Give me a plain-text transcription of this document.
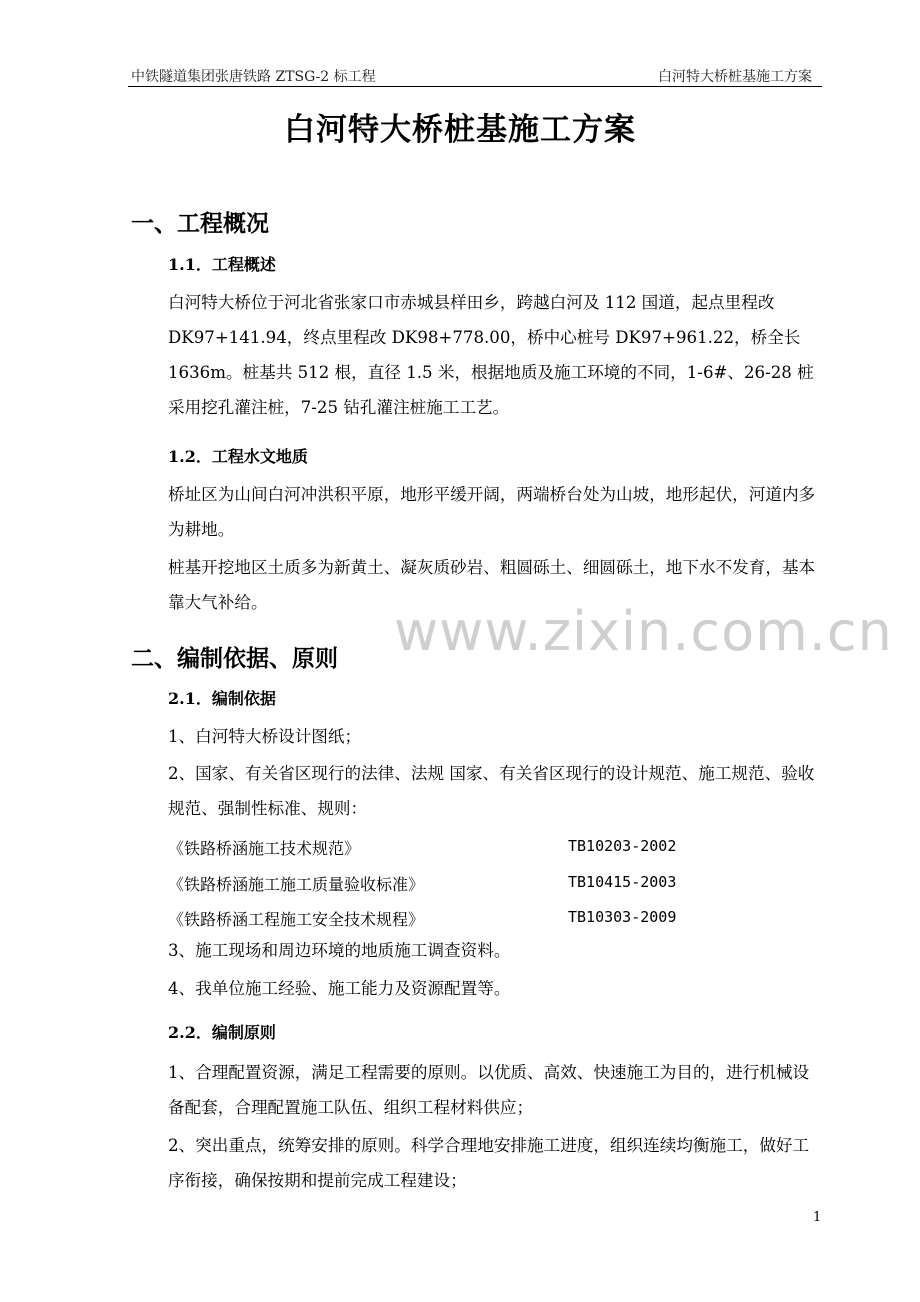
中铁隧道集团张唐铁路 ZTSG-2 标工程	白河特大桥桩基施工方案
白河特大桥桩基施工方案
一、工程概况
1.1．工程概述
白河特大桥位于河北省张家口市赤城县样田乡，跨越白河及 112 国道，起点里程改 DK97+141.94，终点里程改 DK98+778.00，桥中心桩号 DK97+961.22，桥全长 1636m。桩基共 512 根，直径 1.5 米，根据地质及施工环境的不同，1-6#、26-28 桩采用挖孔灌注桩，7-25 钻孔灌注桩施工工艺。
1.2．工程水文地质
桥址区为山间白河冲洪积平原，地形平缓开阔，两端桥台处为山坡，地形起伏，河道内多为耕地。
桩基开挖地区土质多为新黄土、凝灰质砂岩、粗圆砾土、细圆砾土，地下水不发育，基本靠大气补给。	www.zixin.com.cn
二、编制依据、原则
2.1．编制依据
1、白河特大桥设计图纸；
2、国家、有关省区现行的法律、法规 国家、有关省区现行的设计规范、施工规范、验收规范、强制性标准、规则：
《铁路桥涵施工技术规范》	TB10203-2002
《铁路桥涵施工施工质量验收标准》	TB10415-2003
《铁路桥涵工程施工安全技术规程》	TB10303-2009
3、施工现场和周边环境的地质施工调查资料。
4、我单位施工经验、施工能力及资源配置等。
2.2．编制原则
1、合理配置资源，满足工程需要的原则。以优质、高效、快速施工为目的，进行机械设备配套，合理配置施工队伍、组织工程材料供应；
2、突出重点，统筹安排的原则。科学合理地安排施工进度，组织连续均衡施工，做好工序衔接，确保按期和提前完成工程建设；
1
